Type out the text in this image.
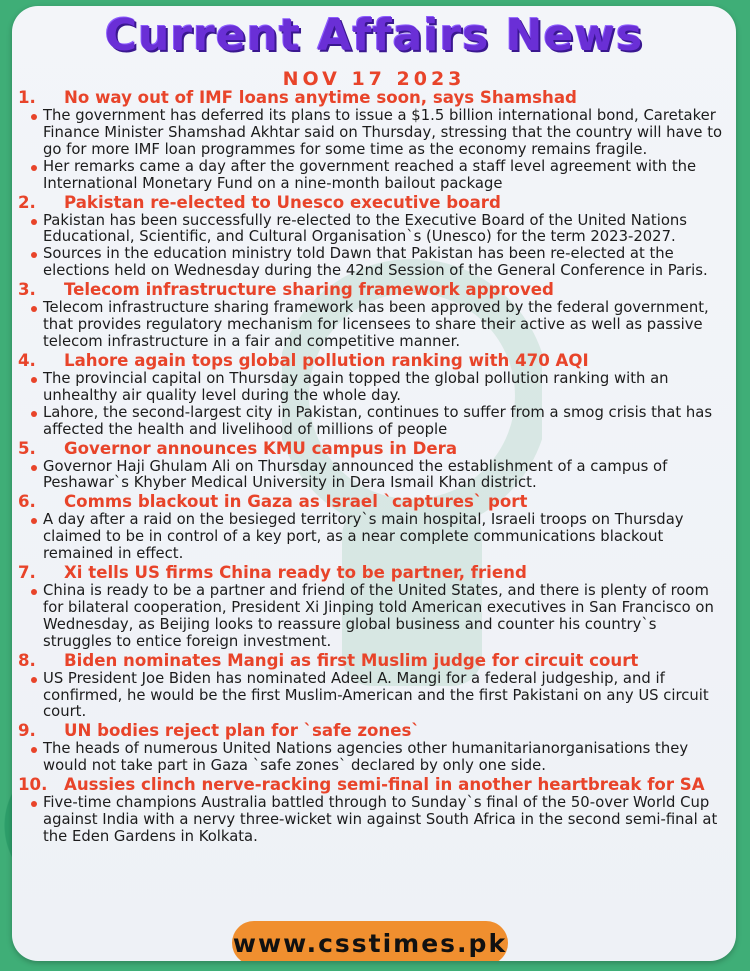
Current Affairs News
NOV 17 2023
1.	No way out of IMF loans anytime soon, says Shamshad
The government has deferred its plans to issue a $1.5 billion international bond, Caretaker Finance Minister Shamshad Akhtar said on Thursday, stressing that the country will have to go for more IMF loan programmes for some time as the economy remains fragile.
Her remarks came a day after the government reached a staff level agreement with the International Monetary Fund on a nine-month bailout package
2.	Pakistan re-elected to Unesco executive board
Pakistan has been successfully re-elected to the Executive Board of the United Nations Educational, Scientific, and Cultural Organisation`s (Unesco) for the term 2023-2027.
Sources in the education ministry told Dawn that Pakistan has been re-elected at the elections held on Wednesday during the 42nd Session of the General Conference in Paris.
3.	Telecom infrastructure sharing framework approved
Telecom infrastructure sharing framework has been approved by the federal government, that provides regulatory mechanism for licensees to share their active as well as passive telecom infrastructure in a fair and competitive manner.
4.	Lahore again tops global pollution ranking with 470 AQI
The provincial capital on Thursday again topped the global pollution ranking with an unhealthy air quality level during the whole day.
Lahore, the second-largest city in Pakistan, continues to suffer from a smog crisis that has affected the health and livelihood of millions of people
5.	Governor announces KMU campus in Dera
Governor Haji Ghulam Ali on Thursday announced the establishment of a campus of Peshawar`s Khyber Medical University in Dera Ismail Khan district.
6.	Comms blackout in Gaza as Israel `captures` port
A day after a raid on the besieged territory`s main hospital, Israeli troops on Thursday claimed to be in control of a key port, as a near complete communications blackout remained in effect.
7.	Xi tells US firms China ready to be partner, friend
China is ready to be a partner and friend of the United States, and there is plenty of room for bilateral cooperation, President Xi Jinping told American executives in San Francisco on Wednesday, as Beijing looks to reassure global business and counter his country`s struggles to entice foreign investment.
8.	Biden nominates Mangi as first Muslim judge for circuit court
US President Joe Biden has nominated Adeel A. Mangi for a federal judgeship, and if confirmed, he would be the first Muslim-American and the first Pakistani on any US circuit court.
9.	UN bodies reject plan for `safe zones`
The heads of numerous United Nations agencies other humanitarianorganisations they would not take part in Gaza `safe zones` declared by only one side.
10. Aussies clinch nerve-racking semi-final in another heartbreak for SA
Five-time champions Australia battled through to Sunday`s final of the 50-over World Cup against India with a nervy three-wicket win against South Africa in the second semi-final at the Eden Gardens in Kolkata.
www.csstimes.pk
